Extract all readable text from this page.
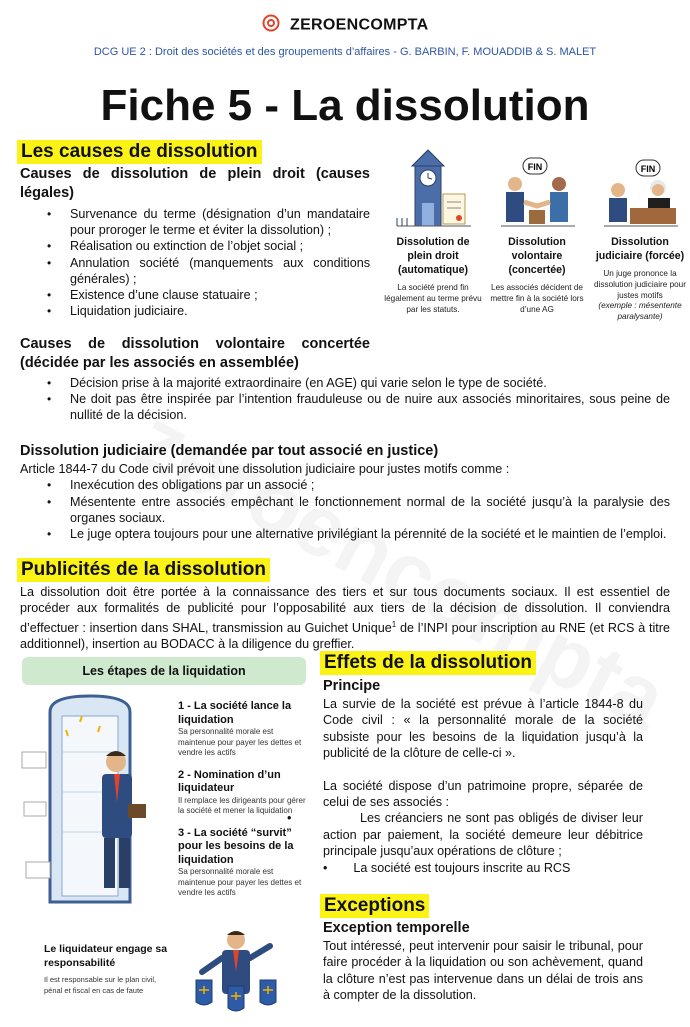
ZEROENCOMPTA
DCG UE 2 : Droit des sociétés et des groupements d’affaires - G. BARBIN, F. MOUADDIB & S. MALET
Fiche 5 - La dissolution
Les causes de dissolution
Causes de dissolution de plein droit (causes légales)
• Survenance du terme (désignation d’un mandataire pour proroger le terme et éviter la dissolution) ;
• Réalisation ou extinction de l’objet social ;
• Annulation société (manquements aux conditions générales) ;
• Existence d’une clause statuaire ;
• Liquidation judiciaire.
Dissolution de plein droit (automatique)
La société prend fin légalement au terme prévu par les statuts.
FIN
Dissolution volontaire (concertée)
Les associés décident de mettre fin à la société lors d’une AG
FIN
Dissolution judiciaire (forcée)
Un juge prononce la dissolution judiciaire pour justes motifs
(exemple : mésentente paralysante)
Causes de dissolution volontaire concertée (décidée par les associés en assemblée)
• Décision prise à la majorité extraordinaire (en AGE) qui varie selon le type de société.
• Ne doit pas être inspirée par l’intention frauduleuse ou de nuire aux associés minoritaires, sous peine de nullité de la décision.
Dissolution judiciaire (demandée par tout associé en justice)
Article 1844-7 du Code civil prévoit une dissolution judiciaire pour justes motifs comme :
• Inexécution des obligations par un associé ;
• Mésentente entre associés empêchant le fonctionnement normal de la société jusqu’à la paralysie des organes sociaux.
• Le juge optera toujours pour une alternative privilégiant la pérennité de la société et le maintien de l’emploi.
Publicités de la dissolution
La dissolution doit être portée à la connaissance des tiers et sur tous documents sociaux. Il est essentiel de procéder aux formalités de publicité pour l’opposabilité aux tiers de la décision de dissolution. Il conviendra d’effectuer : insertion dans SHAL, transmission au Guichet Unique$^1$ de l’INPI pour inscription au RNE (et RCS à titre additionnel), insertion au BODACC à la diligence du greffier.
Les étapes de la liquidation
1 - La société lance la liquidation
Sa personnalité morale est maintenue pour payer les dettes et vendre les actifs
2 - Nomination d’un liquidateur
Il remplace les dirigeants pour gérer la société et mener la liquidation
3 - La société “survit” pour les besoins de la liquidation
Sa personnalité morale est maintenue pour payer les dettes et vendre les actifs
Le liquidateur engage sa responsabilité
Il est responsable sur le plan civil, pénal et fiscal en cas de faute
Effets de la dissolution
Principe
La survie de la société est prévue à l’article 1844-8 du Code civil : « la personnalité morale de la société subsiste pour les besoins de la liquidation jusqu’à la publicité de la clôture de celle-ci ».
La société dispose d’un patrimoine propre, séparée de celui de ses associés :
•	Les créanciers ne sont pas obligés de diviser leur action par paiement, la société demeure leur débitrice principale jusqu’aux opérations de clôture ;
• La société est toujours inscrite au RCS
Exceptions
Exception temporelle
Tout intéressé, peut intervenir pour saisir le tribunal, pour faire procéder à la liquidation ou son achèvement, quand la clôture n’est pas intervenue dans un délai de trois ans à compter de la dissolution.
